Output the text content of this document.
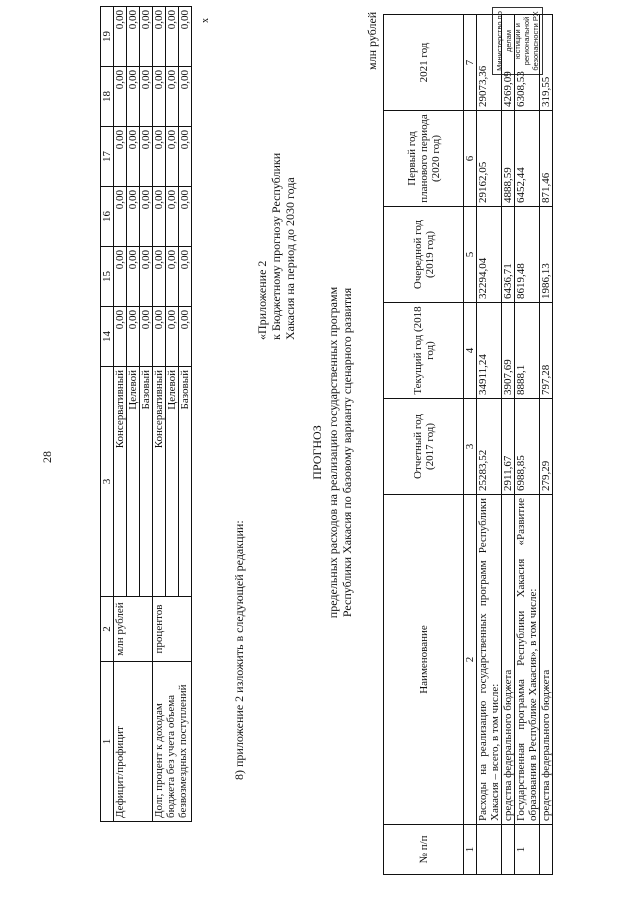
28
Министерство по делам юстиции и региональной безопасности РХ
х
1	2	3	14	15	16	17	18	19
Дефицит/профицит	млн рублей	Консервативный	0,00	0,00	0,00	0,00	0,00	0,00
		Целевой	0,00	0,00	0,00	0,00	0,00	0,00
		Базовый	0,00	0,00	0,00	0,00	0,00	0,00
Долг, процент к доходам бюджета без учета объема безвозмездных поступлений	процентов	Консервативный	0,00	0,00	0,00	0,00	0,00	0,00
		Целевой	0,00	0,00	0,00	0,00	0,00	0,00
		Базовый	0,00	0,00	0,00	0,00	0,00	0,00
8) приложение 2 изложить в следующей редакции:
«Приложение 2 к Бюджетному прогнозу Республики Хакасия на период до 2030 года
ПРОГНОЗ предельных расходов на реализацию государственных программ Республики Хакасия по базовому варианту сценарного развития
млн рублей
№ п/п	Наименование	Отчетный год (2017 год)	Текущий год (2018 год)	Очередной год (2019 год)	Первый год планового периода (2020 год)	2021 год
1	2	3	4	5	6	7
	Расходы на реализацию государственных программ Республики Хакасия – всего, в том числе:	25283,52	34911,24	32294,04	29162,05	29073,36
	средства федерального бюджета	2911,67	3907,69	6436,71	4888,59	4269,09
1	Государственная программа Республики Хакасия «Развитие образования в Республике Хакасия», в том числе:	6988,85	8888,1	8619,48	6452,44	6308,53
	средства федерального бюджета	279,29	797,28	1986,13	871,46	319,55
